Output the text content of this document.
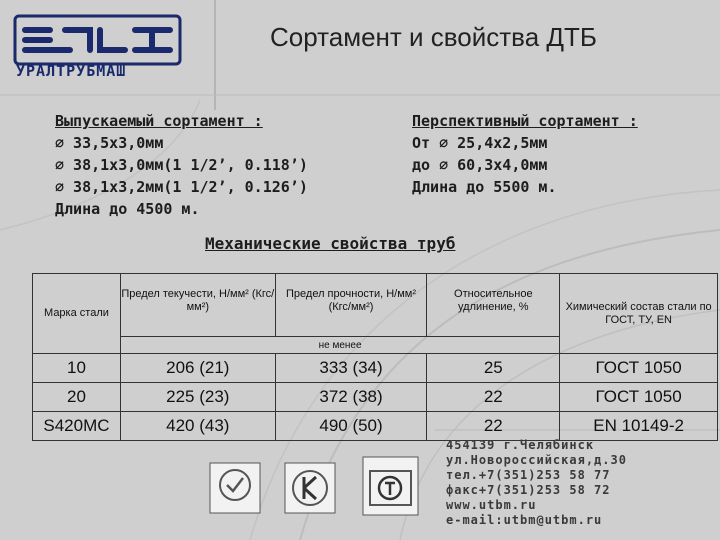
УРАЛТРУБМАШ
Сортамент и свойства ДТБ
Выпускаемый сортамент :
∅ 33,5x3,0мм
∅ 38,1x3,0мм(1 1/2’, 0.118’)
∅ 38,1x3,2мм(1 1/2’, 0.126’)
Длина до 4500 м.
Перспективный сортамент :
От ∅ 25,4x2,5мм
до ∅ 60,3x4,0мм
Длина до 5500 м.
Механические свойства труб
Марка стали	Предел текучести, Н/мм² (Кгс/мм²)	Предел прочности, Н/мм² (Кгс/мм²)	Относительное удлинение, %	Химический состав стали по ГОСТ, ТУ, EN
	не менее			
10	206 (21)	333 (34)	25	ГОСТ 1050
20	225 (23)	372 (38)	22	ГОСТ 1050
S420MC	420 (43)	490 (50)	22	EN 10149-2
454139 г.Челябинск
ул.Новороссийская,д.30
тел.+7(351)253 58 77
факс+7(351)253 58 72
www.utbm.ru
e-mail:utbm@utbm.ru
